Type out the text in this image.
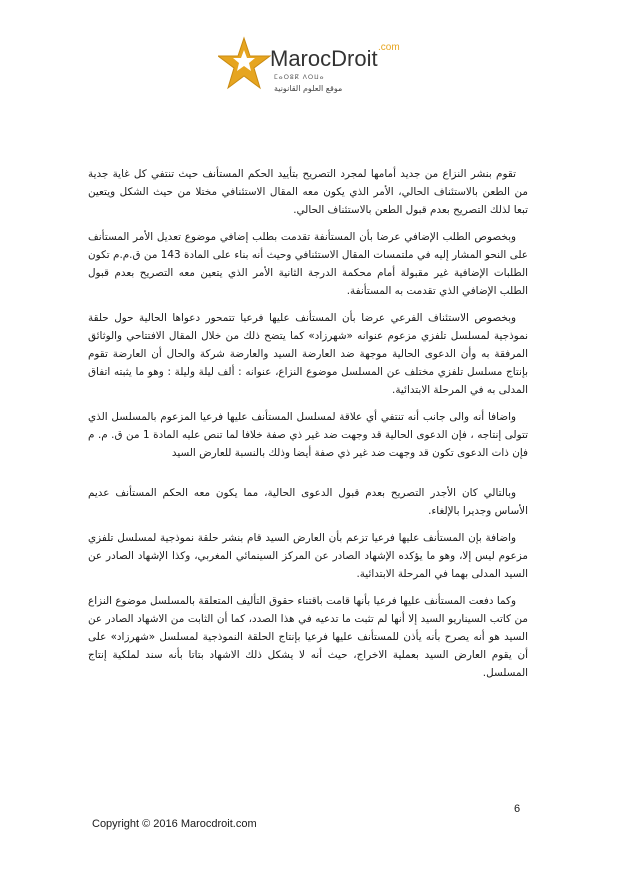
MarocDroit .com
ⵎⴰⵔⵓⴽ ⴷⵔⵡⴰ
موقع العلوم القانونية

تقوم بنشر النزاع من جديد أمامها لمجرد التصريح بتأييد الحكم المستأنف حيث تنتفي كل غاية جدية من الطعن بالاستئناف الحالي، الأمر الذي يكون معه المقال الاستئنافي مختلا من حيث الشكل ويتعين تبعا لذلك التصريح بعدم قبول الطعن بالاستئناف الحالي.

وبخصوص الطلب الإضافي عرضا بأن المستأنفة تقدمت بطلب إضافي موضوع تعديل الأمر المستأنف على النحو المشار إليه في ملتمسات المقال الاستئنافي وحيث أنه بناء على المادة 143 من ق.م.م تكون الطلبات الإضافية غير مقبولة أمام محكمة الدرجة الثانية الأمر الذي يتعين معه التصريح بعدم قبول الطلب الإضافي الذي تقدمت به المستأنفة.

وبخصوص الاستئناف الفرعي عرضا بأن المستأنف عليها فرعيا تتمحور دعواها الحالية حول حلقة نموذجية لمسلسل تلفزي مزعوم عنوانه «شهرزاد» كما يتضح ذلك من خلال المقال الافتتاحي والوثائق المرفقة به وأن الدعوى الحالية موجهة ضد العارضة السيد والعارضة شركة والحال أن العارضة تقوم بإنتاج مسلسل تلفزي مختلف عن المسلسل موضوع النزاع، عنوانه : ألف ليلة وليلة : وهو ما يثبته اتفاق المدلى به في المرحلة الابتدائية.

واضافا أنه والى جانب أنه تنتفي أي علاقة لمسلسل المستأنف عليها فرعيا المزعوم بالمسلسل الذي تتولى إنتاجه ، فإن الدعوى الحالية قد وجهت ضد غير ذي صفة خلافا لما تنص عليه المادة 1 من ق. م. م فإن ذات الدعوى تكون قد وجهت ضد غير ذي صفة أيضا وذلك بالنسبة للعارض السيد

وبالتالي كان الأجدر التصريح بعدم قبول الدعوى الحالية، مما يكون معه الحكم المستأنف عديم الأساس وجديرا بالإلغاء.

واضافة بإن المستأنف عليها فرعيا تزعم بأن العارض السيد قام بنشر حلقة نموذجية لمسلسل تلفزي مزعوم ليس إلا، وهو ما يؤكده الإشهاد الصادر عن المركز السينمائي المغربي، وكذا الإشهاد الصادر عن السيد المدلى بهما في المرحلة الابتدائية.

وكما دفعت المستأنف عليها فرعيا بأنها قامت باقتناء حقوق التأليف المتعلقة بالمسلسل موضوع النزاع من كاتب السيناريو السيد إلا أنها لم تثبت ما تدعيه في هذا الصدد، كما أن الثابت من الاشهاد الصادر عن السيد هو أنه يصرح بأنه يأذن للمستأنف عليها فرعيا بإنتاج الحلقة النموذجية لمسلسل «شهرزاد» على أن يقوم العارض السيد بعملية الاخراج، حيث أنه لا يشكل ذلك الاشهاد بتاتا بأنه سند لملكية إنتاج المسلسل.

6
Copyright © 2016 Marocdroit.com
